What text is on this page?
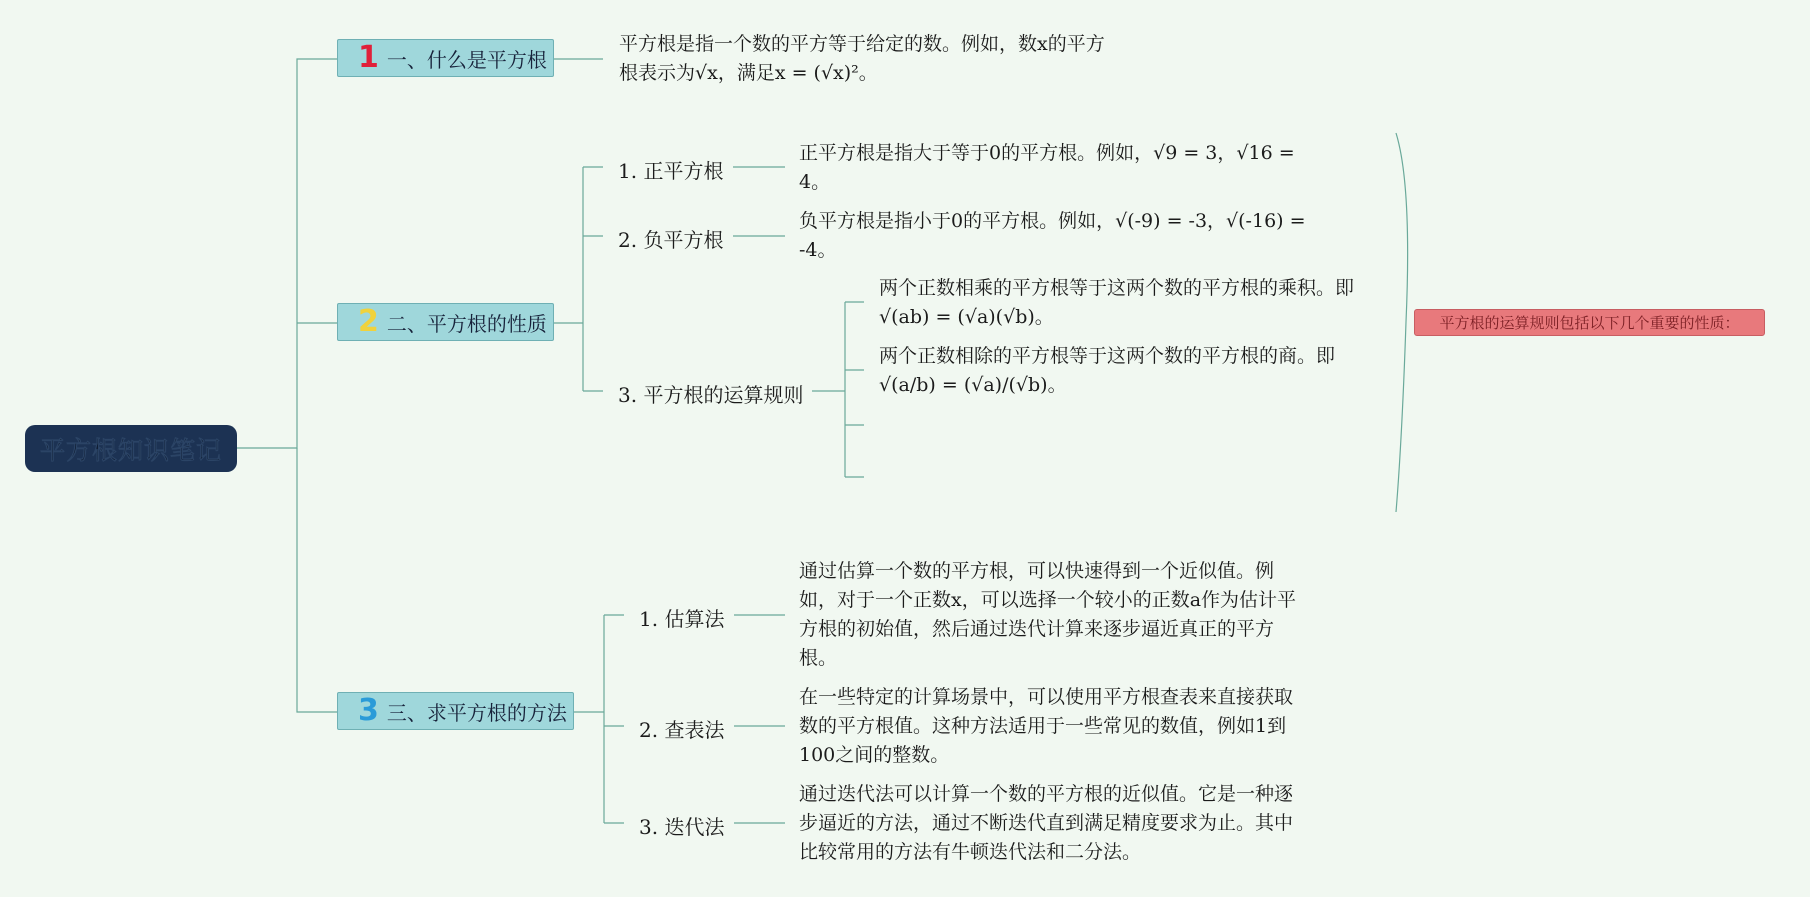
平方根知识笔记
1 一、什么是平方根
平方根是指一个数的平方等于给定的数。例如，数x的平方根表示为√x，满足x = (√x)²。
2 二、平方根的性质
1. 正平方根
正平方根是指大于等于0的平方根。例如，√9 = 3，√16 = 4。
2. 负平方根
负平方根是指小于0的平方根。例如，√(-9) = -3，√(-16) = -4。
3. 平方根的运算规则
两个正数相乘的平方根等于这两个数的平方根的乘积。即√(ab) = (√a)(√b)。
两个正数相除的平方根等于这两个数的平方根的商。即√(a/b) = (√a)/(√b)。
3 三、求平方根的方法
1. 估算法
通过估算一个数的平方根，可以快速得到一个近似值。例如，对于一个正数x，可以选择一个较小的正数a作为估计平方根的初始值，然后通过迭代计算来逐步逼近真正的平方根。
2. 查表法
在一些特定的计算场景中，可以使用平方根查表来直接获取数的平方根值。这种方法适用于一些常见的数值，例如1到100之间的整数。
3. 迭代法
通过迭代法可以计算一个数的平方根的近似值。它是一种逐步逼近的方法，通过不断迭代直到满足精度要求为止。其中比较常用的方法有牛顿迭代法和二分法。
平方根的运算规则包括以下几个重要的性质：
